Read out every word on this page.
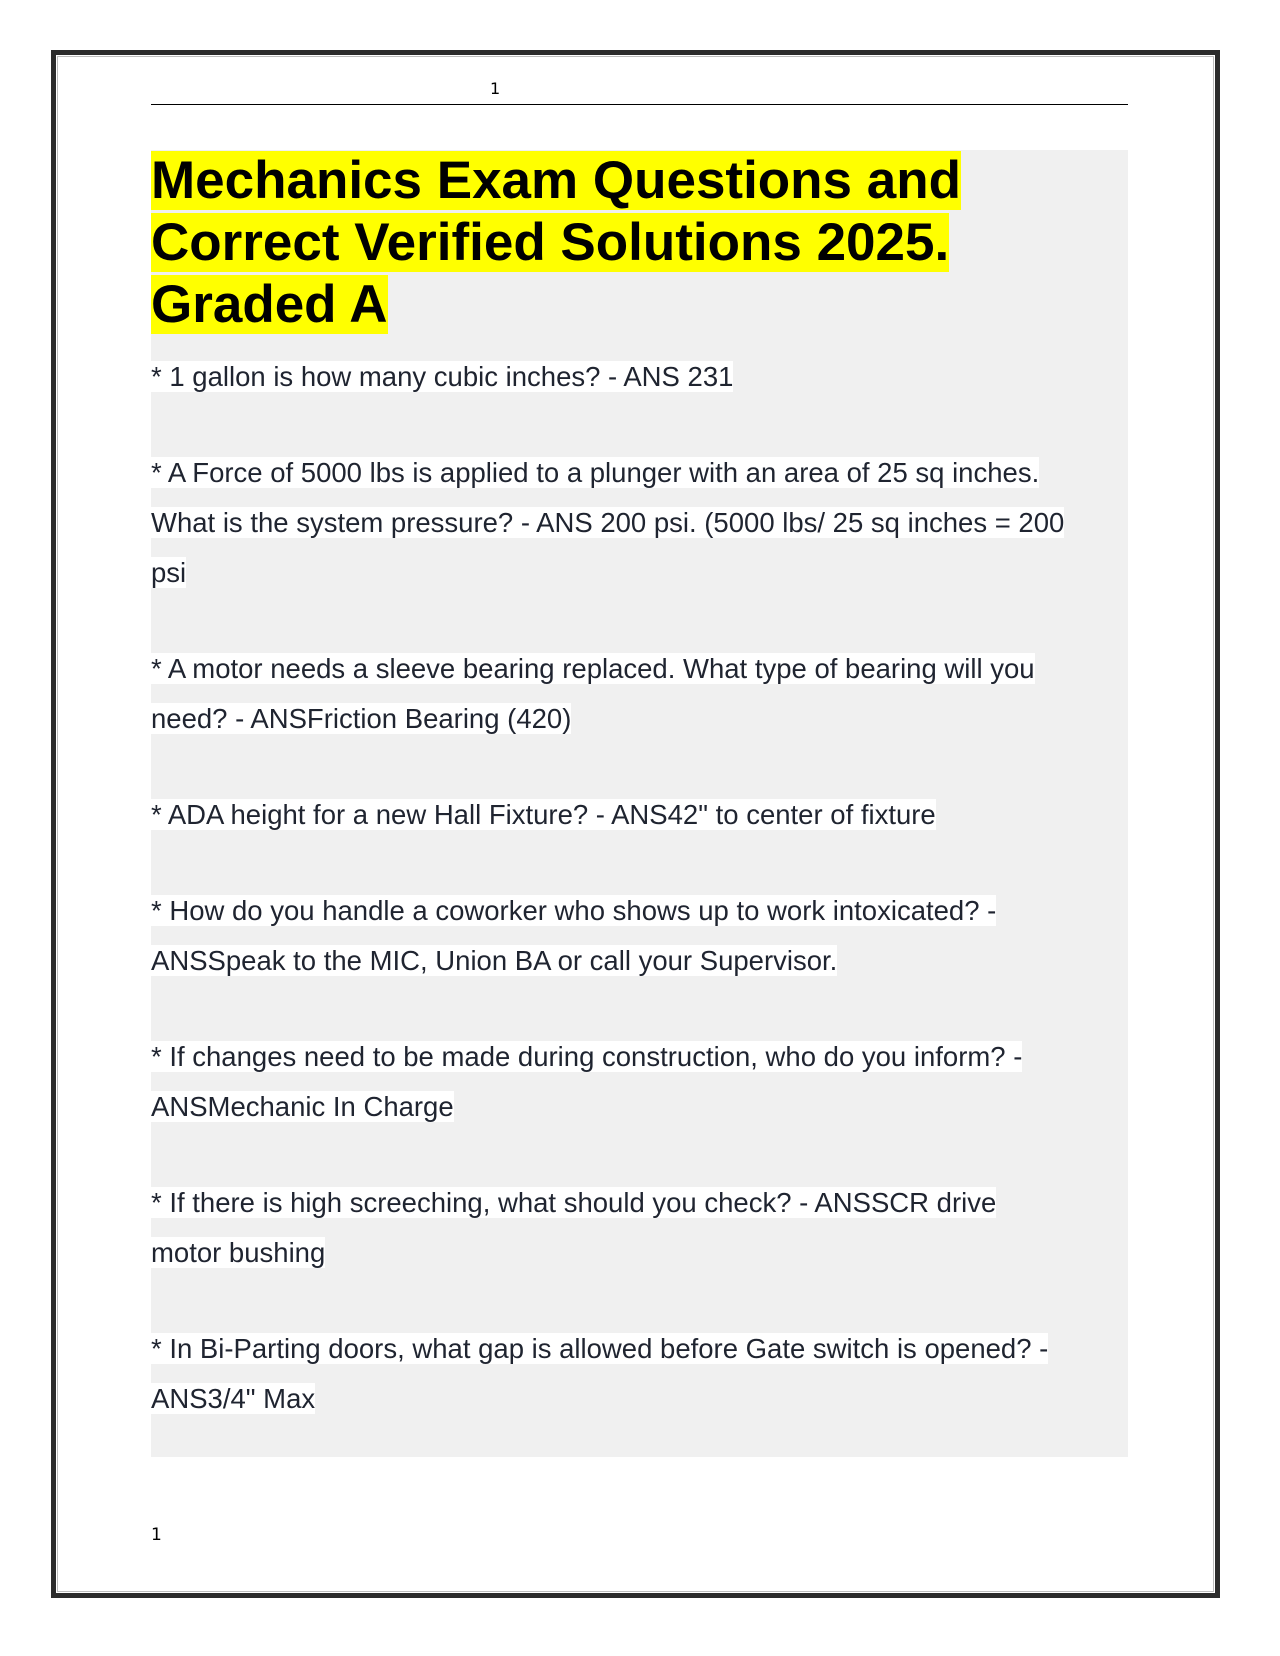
1
Mechanics Exam Questions and
Correct Verified Solutions 2025.
Graded A

* 1 gallon is how many cubic inches? - ANS 231

* A Force of 5000 lbs is applied to a plunger with an area of 25 sq inches.
What is the system pressure? - ANS 200 psi. (5000 lbs/ 25 sq inches = 200
psi

* A motor needs a sleeve bearing replaced. What type of bearing will you
need? - ANSFriction Bearing (420)

* ADA height for a new Hall Fixture? - ANS42" to center of fixture

* How do you handle a coworker who shows up to work intoxicated? -
ANSSpeak to the MIC, Union BA or call your Supervisor.

* If changes need to be made during construction, who do you inform? -
ANSMechanic In Charge

* If there is high screeching, what should you check? - ANSSCR drive
motor bushing

* In Bi-Parting doors, what gap is allowed before Gate switch is opened? -
ANS3/4" Max

1
